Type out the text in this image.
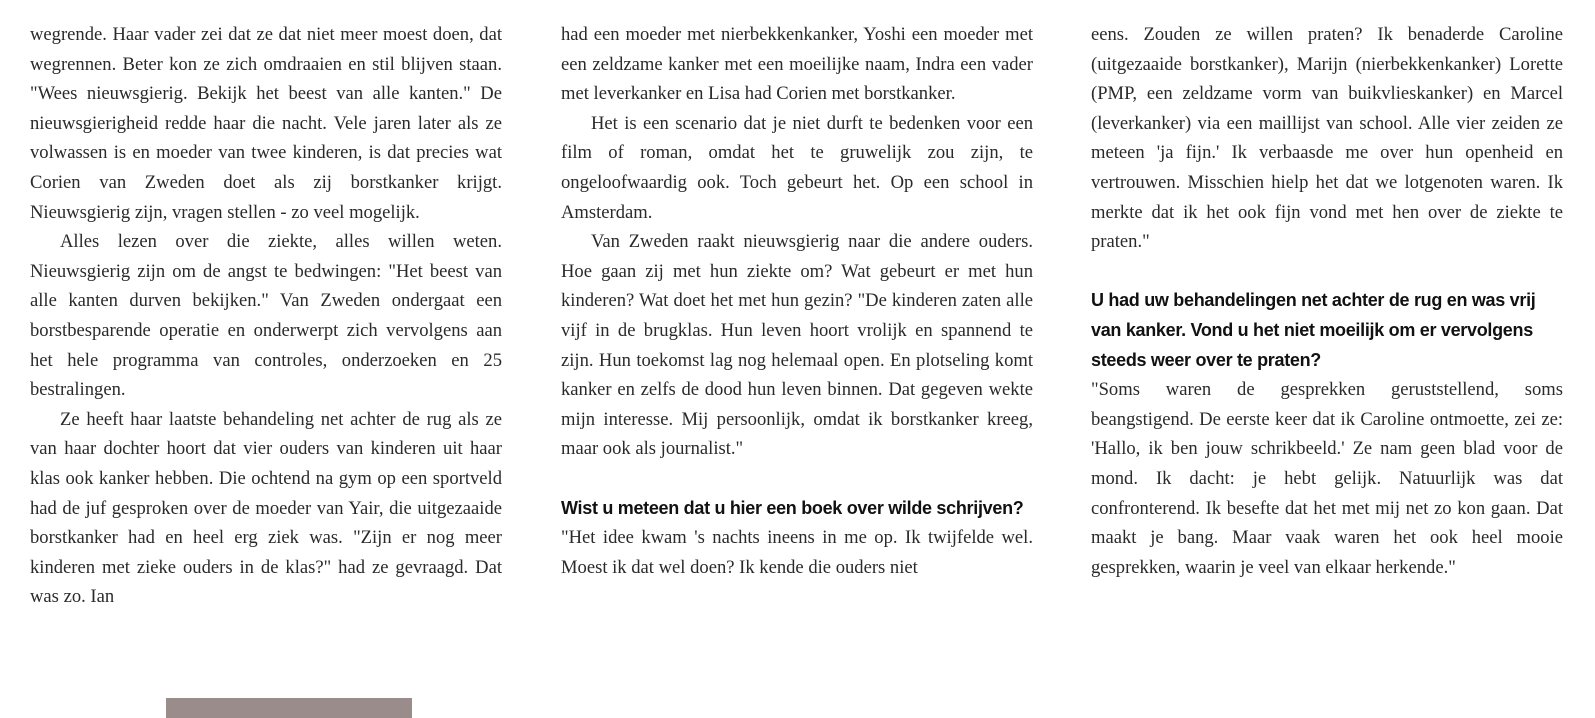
wegrende. Haar vader zei dat ze dat niet meer moest doen, dat wegrennen. Beter kon ze zich omdraaien en stil blijven staan. "Wees nieuwsgierig. Bekijk het beest van alle kanten." De nieuwsgierigheid redde haar die nacht. Vele jaren later als ze volwassen is en moeder van twee kinderen, is dat precies wat Corien van Zweden doet als zij borstkanker krijgt. Nieuwsgierig zijn, vragen stellen - zo veel mogelijk.

Alles lezen over die ziekte, alles willen weten. Nieuwsgierig zijn om de angst te bedwingen: "Het beest van alle kanten durven bekijken." Van Zweden ondergaat een borstbesparende operatie en onderwerpt zich vervolgens aan het hele programma van controles, onderzoeken en 25 bestralingen.

Ze heeft haar laatste behandeling net achter de rug als ze van haar dochter hoort dat vier ouders van kinderen uit haar klas ook kanker hebben. Die ochtend na gym op een sportveld had de juf gesproken over de moeder van Yair, die uitgezaaide borstkanker had en heel erg ziek was. "Zijn er nog meer kinderen met zieke ouders in de klas?" had ze gevraagd. Dat was zo. Ian

had een moeder met nierbekkenkanker, Yoshi een moeder met een zeldzame kanker met een moeilijke naam, Indra een vader met leverkanker en Lisa had Corien met borstkanker.

Het is een scenario dat je niet durft te bedenken voor een film of roman, omdat het te gruwelijk zou zijn, te ongeloofwaardig ook. Toch gebeurt het. Op een school in Amsterdam.

Van Zweden raakt nieuwsgierig naar die andere ouders. Hoe gaan zij met hun ziekte om? Wat gebeurt er met hun kinderen? Wat doet het met hun gezin? "De kinderen zaten alle vijf in de brugklas. Hun leven hoort vrolijk en spannend te zijn. Hun toekomst lag nog helemaal open. En plotseling komt kanker en zelfs de dood hun leven binnen. Dat gegeven wekte mijn interesse. Mij persoonlijk, omdat ik borstkanker kreeg, maar ook als journalist."

Wist u meteen dat u hier een boek over wilde schrijven?

"Het idee kwam 's nachts ineens in me op. Ik twijfelde wel. Moest ik dat wel doen? Ik kende die ouders niet

eens. Zouden ze willen praten? Ik benaderde Caroline (uitgezaaide borstkanker), Marijn (nierbekkenkanker) Lorette (PMP, een zeldzame vorm van buikvlieskanker) en Marcel (leverkanker) via een maillijst van school. Alle vier zeiden ze meteen 'ja fijn.' Ik verbaasde me over hun openheid en vertrouwen. Misschien hielp het dat we lotgenoten waren. Ik merkte dat ik het ook fijn vond met hen over de ziekte te praten."

U had uw behandelingen net achter de rug en was vrij van kanker. Vond u het niet moeilijk om er vervolgens steeds weer over te praten?

"Soms waren de gesprekken geruststellend, soms beangstigend. De eerste keer dat ik Caroline ontmoette, zei ze: 'Hallo, ik ben jouw schrikbeeld.' Ze nam geen blad voor de mond. Ik dacht: je hebt gelijk. Natuurlijk was dat confronterend. Ik besefte dat het met mij net zo kon gaan. Dat maakt je bang. Maar vaak waren het ook heel mooie gesprekken, waarin je veel van elkaar herkende."
